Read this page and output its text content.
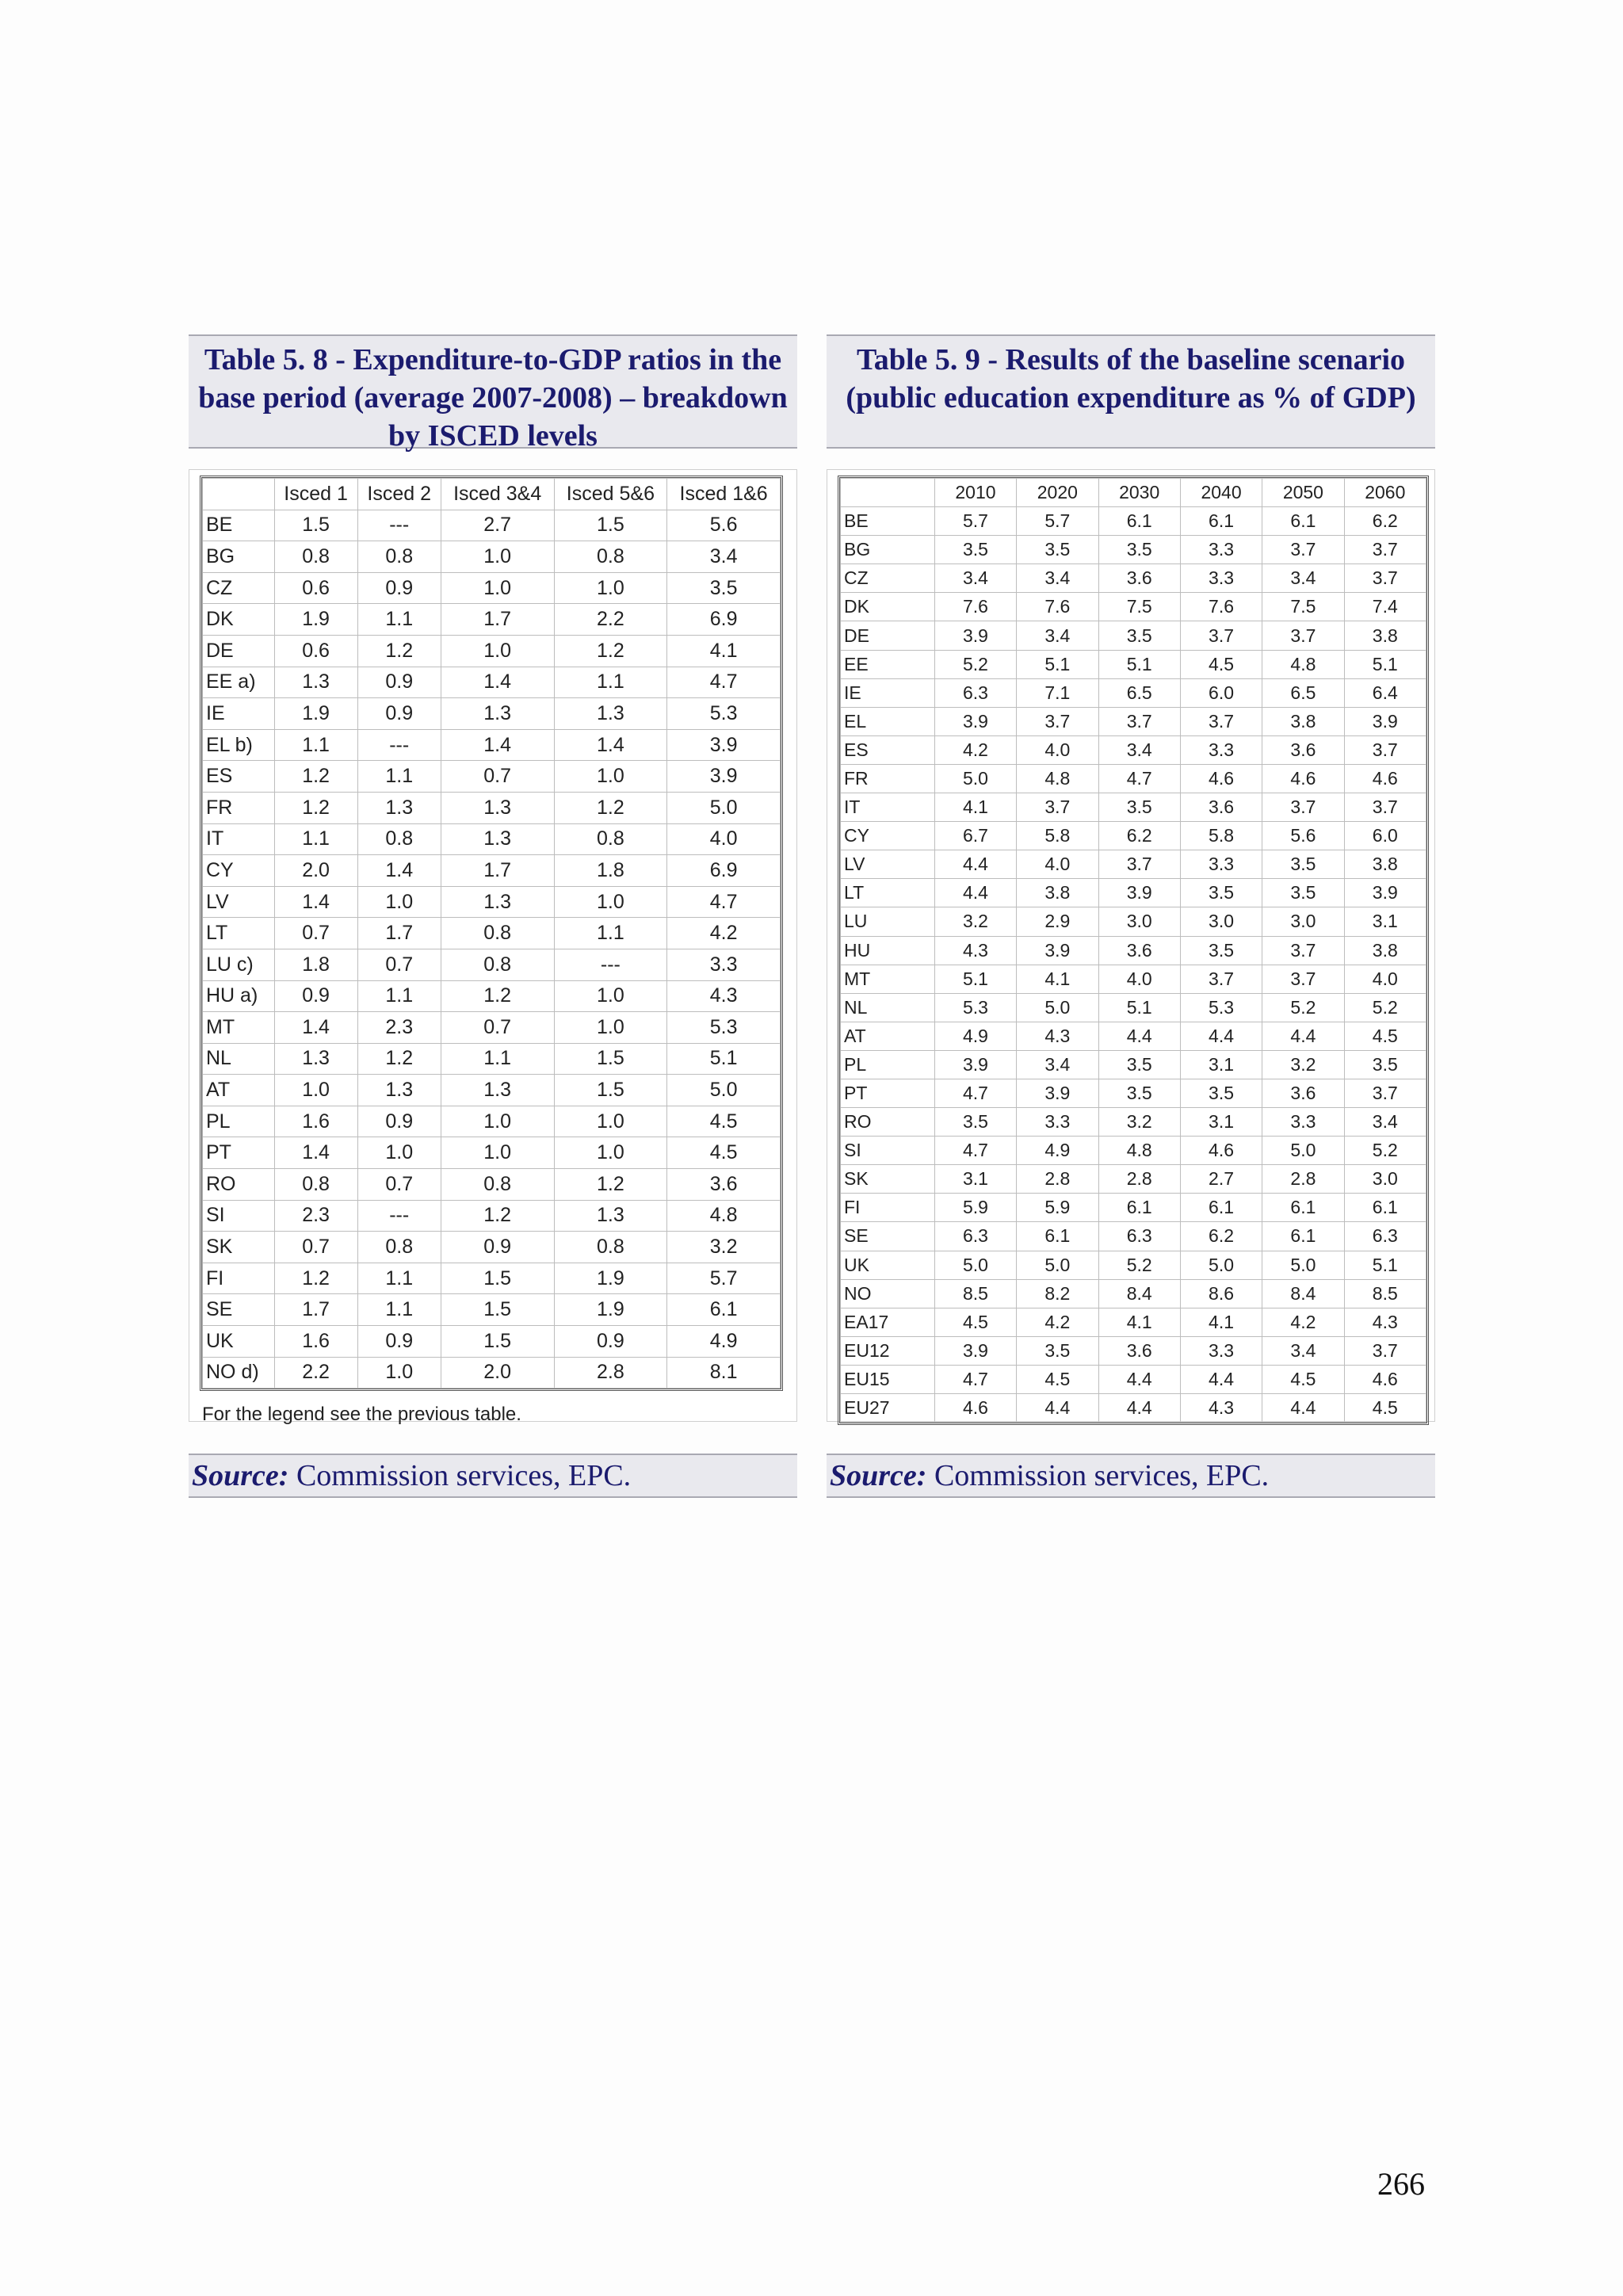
Table 5. 8 - Expenditure-to-GDP ratios in the base period (average 2007-2008) – breakdown by ISCED levels
	Isced 1	Isced 2	Isced 3&4	Isced 5&6	Isced 1&6
BE	1.5	---	2.7	1.5	5.6
BG	0.8	0.8	1.0	0.8	3.4
CZ	0.6	0.9	1.0	1.0	3.5
DK	1.9	1.1	1.7	2.2	6.9
DE	0.6	1.2	1.0	1.2	4.1
EE a)	1.3	0.9	1.4	1.1	4.7
IE	1.9	0.9	1.3	1.3	5.3
EL b)	1.1	---	1.4	1.4	3.9
ES	1.2	1.1	0.7	1.0	3.9
FR	1.2	1.3	1.3	1.2	5.0
IT	1.1	0.8	1.3	0.8	4.0
CY	2.0	1.4	1.7	1.8	6.9
LV	1.4	1.0	1.3	1.0	4.7
LT	0.7	1.7	0.8	1.1	4.2
LU c)	1.8	0.7	0.8	---	3.3
HU a)	0.9	1.1	1.2	1.0	4.3
MT	1.4	2.3	0.7	1.0	5.3
NL	1.3	1.2	1.1	1.5	5.1
AT	1.0	1.3	1.3	1.5	5.0
PL	1.6	0.9	1.0	1.0	4.5
PT	1.4	1.0	1.0	1.0	4.5
RO	0.8	0.7	0.8	1.2	3.6
SI	2.3	---	1.2	1.3	4.8
SK	0.7	0.8	0.9	0.8	3.2
FI	1.2	1.1	1.5	1.9	5.7
SE	1.7	1.1	1.5	1.9	6.1
UK	1.6	0.9	1.5	0.9	4.9
NO d)	2.2	1.0	2.0	2.8	8.1
For the legend see the previous table.
Table 5. 9 - Results of the baseline scenario (public education expenditure as % of GDP)
	2010	2020	2030	2040	2050	2060
BE	5.7	5.7	6.1	6.1	6.1	6.2
BG	3.5	3.5	3.5	3.3	3.7	3.7
CZ	3.4	3.4	3.6	3.3	3.4	3.7
DK	7.6	7.6	7.5	7.6	7.5	7.4
DE	3.9	3.4	3.5	3.7	3.7	3.8
EE	5.2	5.1	5.1	4.5	4.8	5.1
IE	6.3	7.1	6.5	6.0	6.5	6.4
EL	3.9	3.7	3.7	3.7	3.8	3.9
ES	4.2	4.0	3.4	3.3	3.6	3.7
FR	5.0	4.8	4.7	4.6	4.6	4.6
IT	4.1	3.7	3.5	3.6	3.7	3.7
CY	6.7	5.8	6.2	5.8	5.6	6.0
LV	4.4	4.0	3.7	3.3	3.5	3.8
LT	4.4	3.8	3.9	3.5	3.5	3.9
LU	3.2	2.9	3.0	3.0	3.0	3.1
HU	4.3	3.9	3.6	3.5	3.7	3.8
MT	5.1	4.1	4.0	3.7	3.7	4.0
NL	5.3	5.0	5.1	5.3	5.2	5.2
AT	4.9	4.3	4.4	4.4	4.4	4.5
PL	3.9	3.4	3.5	3.1	3.2	3.5
PT	4.7	3.9	3.5	3.5	3.6	3.7
RO	3.5	3.3	3.2	3.1	3.3	3.4
SI	4.7	4.9	4.8	4.6	5.0	5.2
SK	3.1	2.8	2.8	2.7	2.8	3.0
FI	5.9	5.9	6.1	6.1	6.1	6.1
SE	6.3	6.1	6.3	6.2	6.1	6.3
UK	5.0	5.0	5.2	5.0	5.0	5.1
NO	8.5	8.2	8.4	8.6	8.4	8.5
EA17	4.5	4.2	4.1	4.1	4.2	4.3
EU12	3.9	3.5	3.6	3.3	3.4	3.7
EU15	4.7	4.5	4.4	4.4	4.5	4.6
EU27	4.6	4.4	4.4	4.3	4.4	4.5
Source: Commission services, EPC.	Source: Commission services, EPC.
266
